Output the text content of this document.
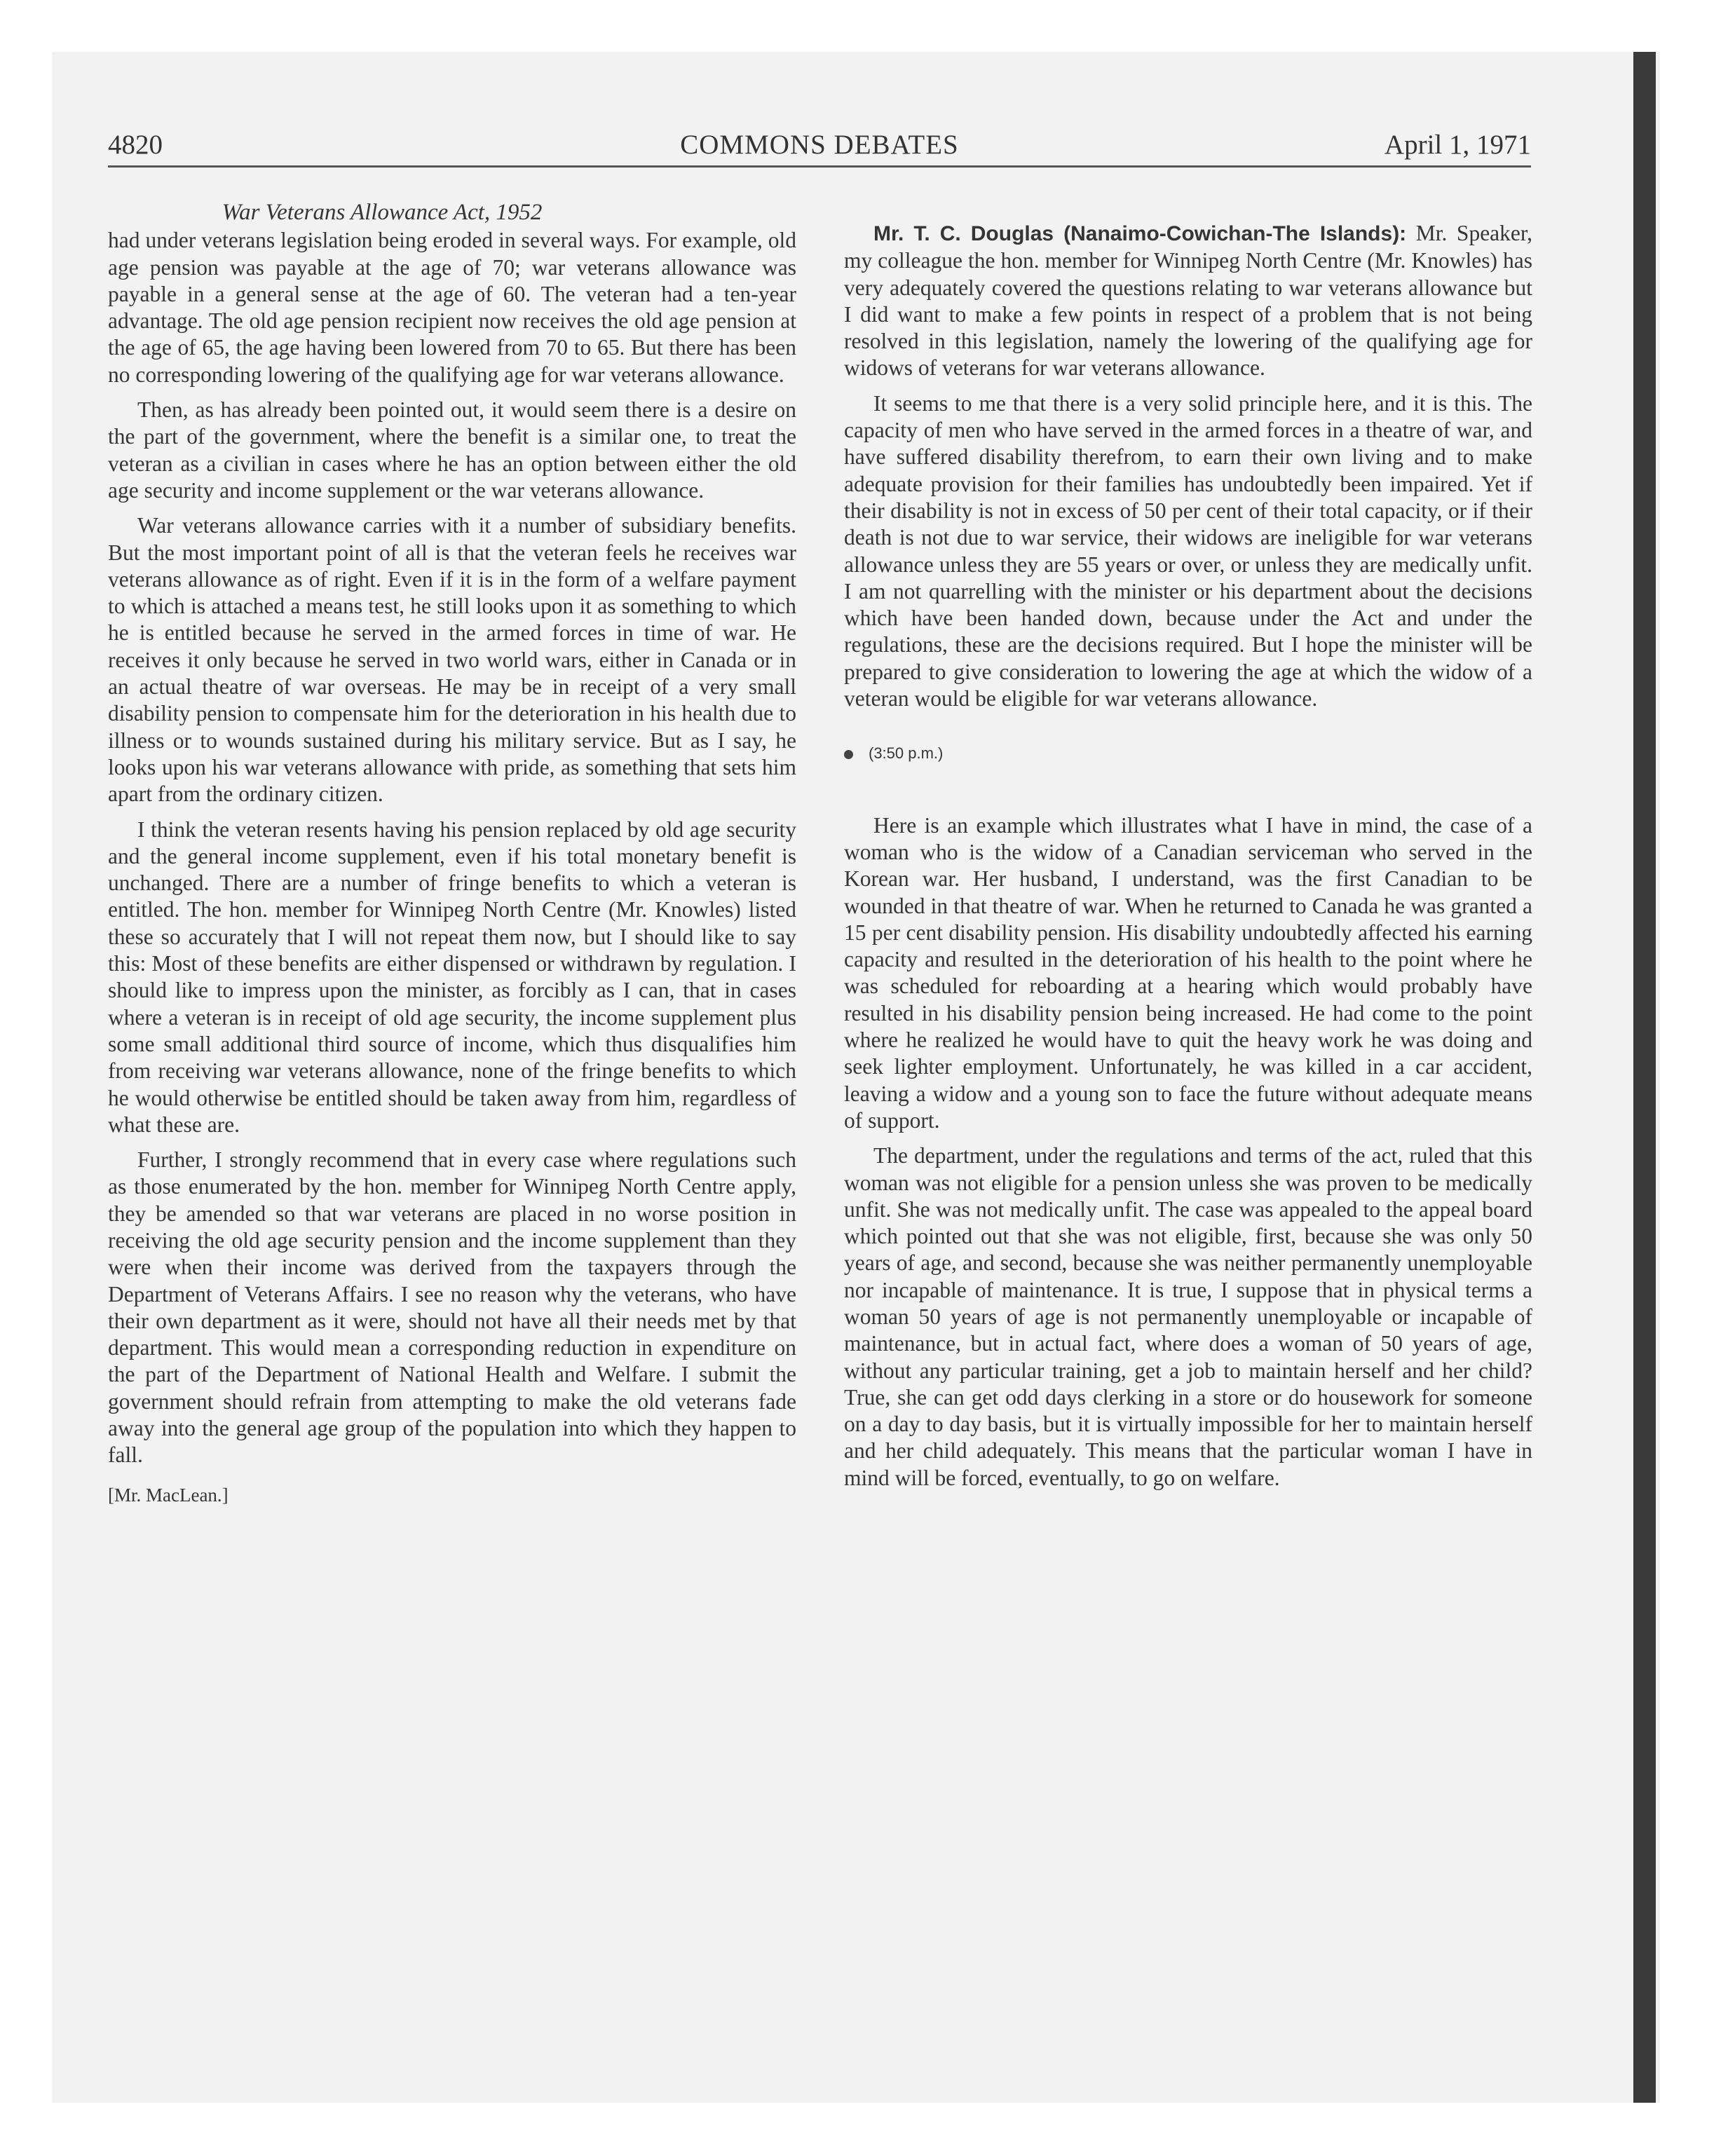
4820	COMMONS DEBATES	April 1, 1971
War Veterans Allowance Act, 1952

had under veterans legislation being eroded in several ways. For example, old age pension was payable at the age of 70; war veterans allowance was payable in a general sense at the age of 60. The veteran had a ten-year advantage. The old age pension recipient now receives the old age pension at the age of 65, the age having been lowered from 70 to 65. But there has been no corresponding lowering of the qualifying age for war veterans allowance.

Then, as has already been pointed out, it would seem there is a desire on the part of the government, where the benefit is a similar one, to treat the veteran as a civilian in cases where he has an option between either the old age security and income supplement or the war veterans allowance.

War veterans allowance carries with it a number of subsidiary benefits. But the most important point of all is that the veteran feels he receives war veterans allowance as of right. Even if it is in the form of a welfare payment to which is attached a means test, he still looks upon it as something to which he is entitled because he served in the armed forces in time of war. He receives it only because he served in two world wars, either in Canada or in an actual theatre of war overseas. He may be in receipt of a very small disability pension to compensate him for the deterioration in his health due to illness or to wounds sustained during his military service. But as I say, he looks upon his war veterans allowance with pride, as something that sets him apart from the ordinary citizen.

I think the veteran resents having his pension replaced by old age security and the general income supplement, even if his total monetary benefit is unchanged. There are a number of fringe benefits to which a veteran is entitled. The hon. member for Winnipeg North Centre (Mr. Knowles) listed these so accurately that I will not repeat them now, but I should like to say this: Most of these benefits are either dispensed or withdrawn by regulation. I should like to impress upon the minister, as forcibly as I can, that in cases where a veteran is in receipt of old age security, the income supplement plus some small additional third source of income, which thus disqualifies him from receiving war veterans allowance, none of the fringe benefits to which he would otherwise be entitled should be taken away from him, regardless of what these are.

Further, I strongly recommend that in every case where regulations such as those enumerated by the hon. member for Winnipeg North Centre apply, they be amended so that war veterans are placed in no worse position in receiving the old age security pension and the income supplement than they were when their income was derived from the taxpayers through the Department of Veterans Affairs. I see no reason why the veterans, who have their own department as it were, should not have all their needs met by that department. This would mean a corresponding reduction in expenditure on the part of the Department of National Health and Welfare. I submit the government should refrain from attempting to make the old veterans fade away into the general age group of the population into which they happen to fall.

[Mr. MacLean.]

Mr. T. C. Douglas (Nanaimo-Cowichan-The Islands): Mr. Speaker, my colleague the hon. member for Winnipeg North Centre (Mr. Knowles) has very adequately covered the questions relating to war veterans allowance but I did want to make a few points in respect of a problem that is not being resolved in this legislation, namely the lowering of the qualifying age for widows of veterans for war veterans allowance.

It seems to me that there is a very solid principle here, and it is this. The capacity of men who have served in the armed forces in a theatre of war, and have suffered disability therefrom, to earn their own living and to make adequate provision for their families has undoubtedly been impaired. Yet if their disability is not in excess of 50 per cent of their total capacity, or if their death is not due to war service, their widows are ineligible for war veterans allowance unless they are 55 years or over, or unless they are medically unfit. I am not quarrelling with the minister or his department about the decisions which have been handed down, because under the Act and under the regulations, these are the decisions required. But I hope the minister will be prepared to give consideration to lowering the age at which the widow of a veteran would be eligible for war veterans allowance.

(3:50 p.m.)

Here is an example which illustrates what I have in mind, the case of a woman who is the widow of a Canadian serviceman who served in the Korean war. Her husband, I understand, was the first Canadian to be wounded in that theatre of war. When he returned to Canada he was granted a 15 per cent disability pension. His disability undoubtedly affected his earning capacity and resulted in the deterioration of his health to the point where he was scheduled for reboarding at a hearing which would probably have resulted in his disability pension being increased. He had come to the point where he realized he would have to quit the heavy work he was doing and seek lighter employment. Unfortunately, he was killed in a car accident, leaving a widow and a young son to face the future without adequate means of support.

The department, under the regulations and terms of the act, ruled that this woman was not eligible for a pension unless she was proven to be medically unfit. She was not medically unfit. The case was appealed to the appeal board which pointed out that she was not eligible, first, because she was only 50 years of age, and second, because she was neither permanently unemployable nor incapable of maintenance. It is true, I suppose that in physical terms a woman 50 years of age is not permanently unemployable or incapable of maintenance, but in actual fact, where does a woman of 50 years of age, without any particular training, get a job to maintain herself and her child? True, she can get odd days clerking in a store or do housework for someone on a day to day basis, but it is virtually impossible for her to maintain herself and her child adequately. This means that the particular woman I have in mind will be forced, eventually, to go on welfare.
